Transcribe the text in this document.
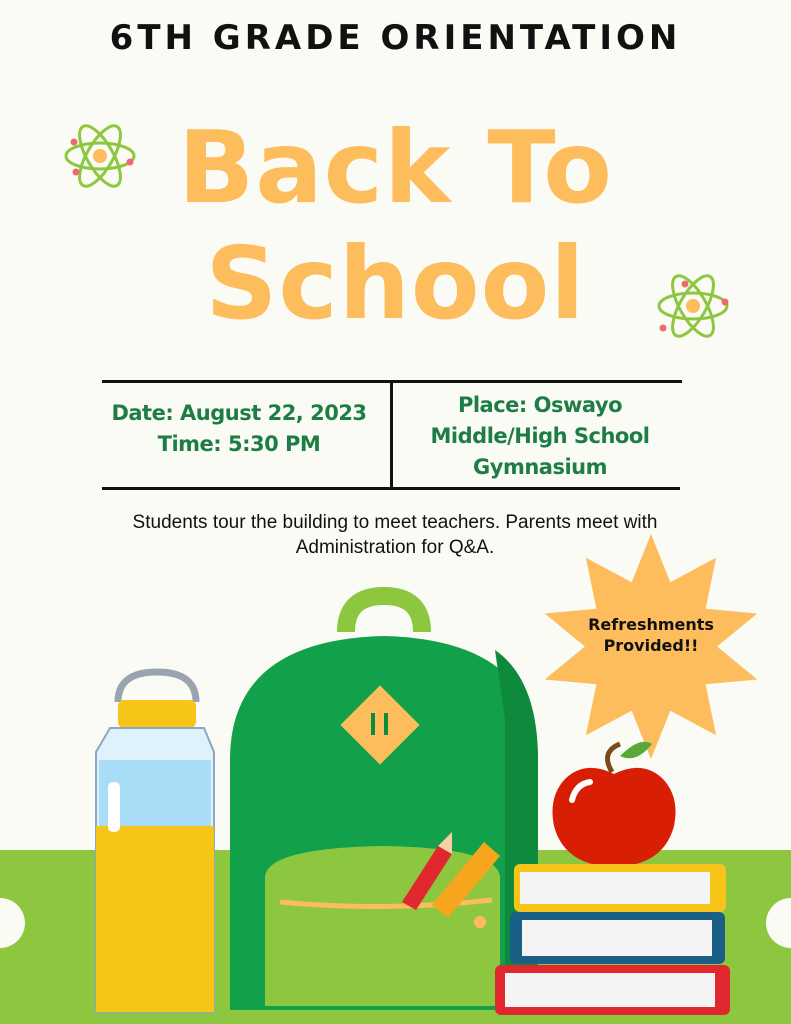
6TH GRADE ORIENTATION
Back To
School
Date: August 22, 2023
Time: 5:30 PM
Place: Oswayo
Middle/High School
Gymnasium
Students tour the building to meet teachers. Parents meet with Administration for Q&A.
Refreshments
Provided!!
